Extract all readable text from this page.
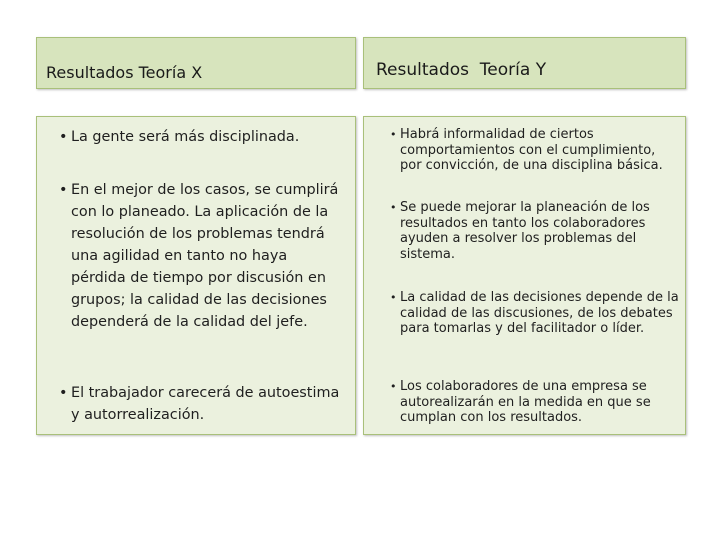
Resultados Teoría X	Resultados  Teoría Y
• La gente será más disciplinada.
• En el mejor de los casos, se cumplirá con lo planeado. La aplicación de la resolución de los problemas tendrá una agilidad en tanto no haya pérdida de tiempo por discusión en grupos; la calidad de las decisiones dependerá de la calidad del jefe.
• El trabajador carecerá de autoestima y autorrealización.
• Habrá informalidad de ciertos comportamientos con el cumplimiento, por convicción, de una disciplina básica.
• Se puede mejorar la planeación de los resultados en tanto los colaboradores ayuden a resolver los problemas del sistema.
• La calidad de las decisiones depende de la calidad de las discusiones, de los debates para tomarlas y del facilitador o líder.
• Los colaboradores de una empresa se autorealizarán en la medida en que se cumplan con los resultados.
